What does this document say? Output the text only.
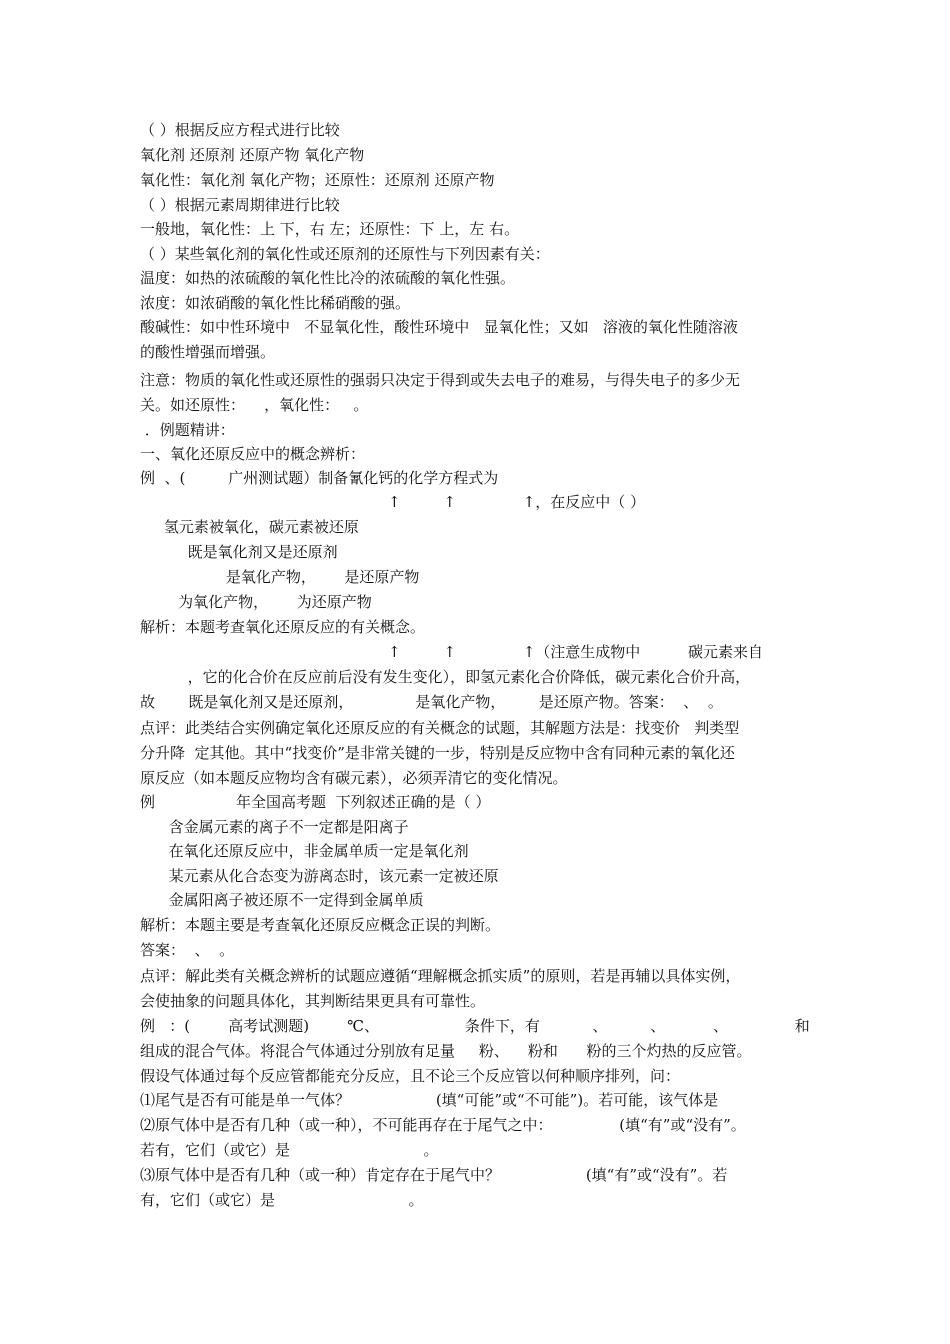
（ ）根据反应方程式进行比较

氧化剂 还原剂 还原产物 氧化产物

氧化性：氧化剂 氧化产物；还原性：还原剂 还原产物

（ ）根据元素周期律进行比较

一般地，氧化性：上 下，右 左；还原性：下 上，左 右。

（ ）某些氧化剂的氧化性或还原剂的还原性与下列因素有关：

温度：如热的浓硫酸的氧化性比冷的浓硫酸的氧化性强。

浓度：如浓硝酸的氧化性比稀硝酸的强。

酸碱性：如中性环境中   不显氧化性，酸性环境中   显氧化性；又如   溶液的氧化性随溶液

的酸性增强而增强。

注意：物质的氧化性或还原性的强弱只决定于得到或失去电子的难易，与得失电子的多少无

关。如还原性：    ，氧化性：   。

．例题精讲：

一、氧化还原反应中的概念辨析：

例  、(         广州测试题）制备氰化钙的化学方程式为

↑         ↑              ↑，在反应中（ ）

氢元素被氧化，碳元素被还原

既是氧化剂又是还原剂

是氧化产物，      是还原产物

为氧化产物，      为还原产物

解析：本题考查氧化还原反应的有关概念。

↑         ↑              ↑（注意生成物中          碳元素来自

，它的化合价在反应前后没有发生变化），即氢元素化合价降低，碳元素化合价升高，

故       既是氧化剂又是还原剂，             是氧化产物，       是还原产物。答案：  、  。

点评：此类结合实例确定氧化还原反应的有关概念的试题，其解题方法是：找变价   判类型

分升降  定其他。其中“找变价”是非常关键的一步，特别是反应物中含有同种元素的氧化还

原反应（如本题反应物均含有碳元素），必须弄清它的变化情况。

例                 年全国高考题  下列叙述正确的是（ ）

含金属元素的离子不一定都是阳离子

在氧化还原反应中，非金属单质一定是氧化剂

某元素从化合态变为游离态时，该元素一定被还原

金属阳离子被还原不一定得到金属单质

解析：本题主要是考查氧化还原反应概念正误的判断。

答案：  、  。

点评：解此类有关概念辨析的试题应遵循“理解概念抓实质”的原则，若是再辅以具体实例，

会使抽象的问题具体化，其判断结果更具有可靠性。

例   ：(        高考试测题)        ℃、                  条件下，有           、         、          、              和

组成的混合气体。将混合气体通过分别放有足量     粉、    粉和      粉的三个灼热的反应管。

假设气体通过每个反应管都能充分反应，且不论三个反应管以何种顺序排列，问：

⑴尾气是否有可能是单一气体？                  (填“可能”或“不可能”)。若可能，该气体是

⑵原气体中是否有几种（或一种），不可能再存在于尾气之中：              (填“有”或“没有”。

若有，它们（或它）是                            。

⑶原气体中是否有几种（或一种）肯定存在于尾气中？                  (填“有”或“没有”。若

有，它们（或它）是                            。
